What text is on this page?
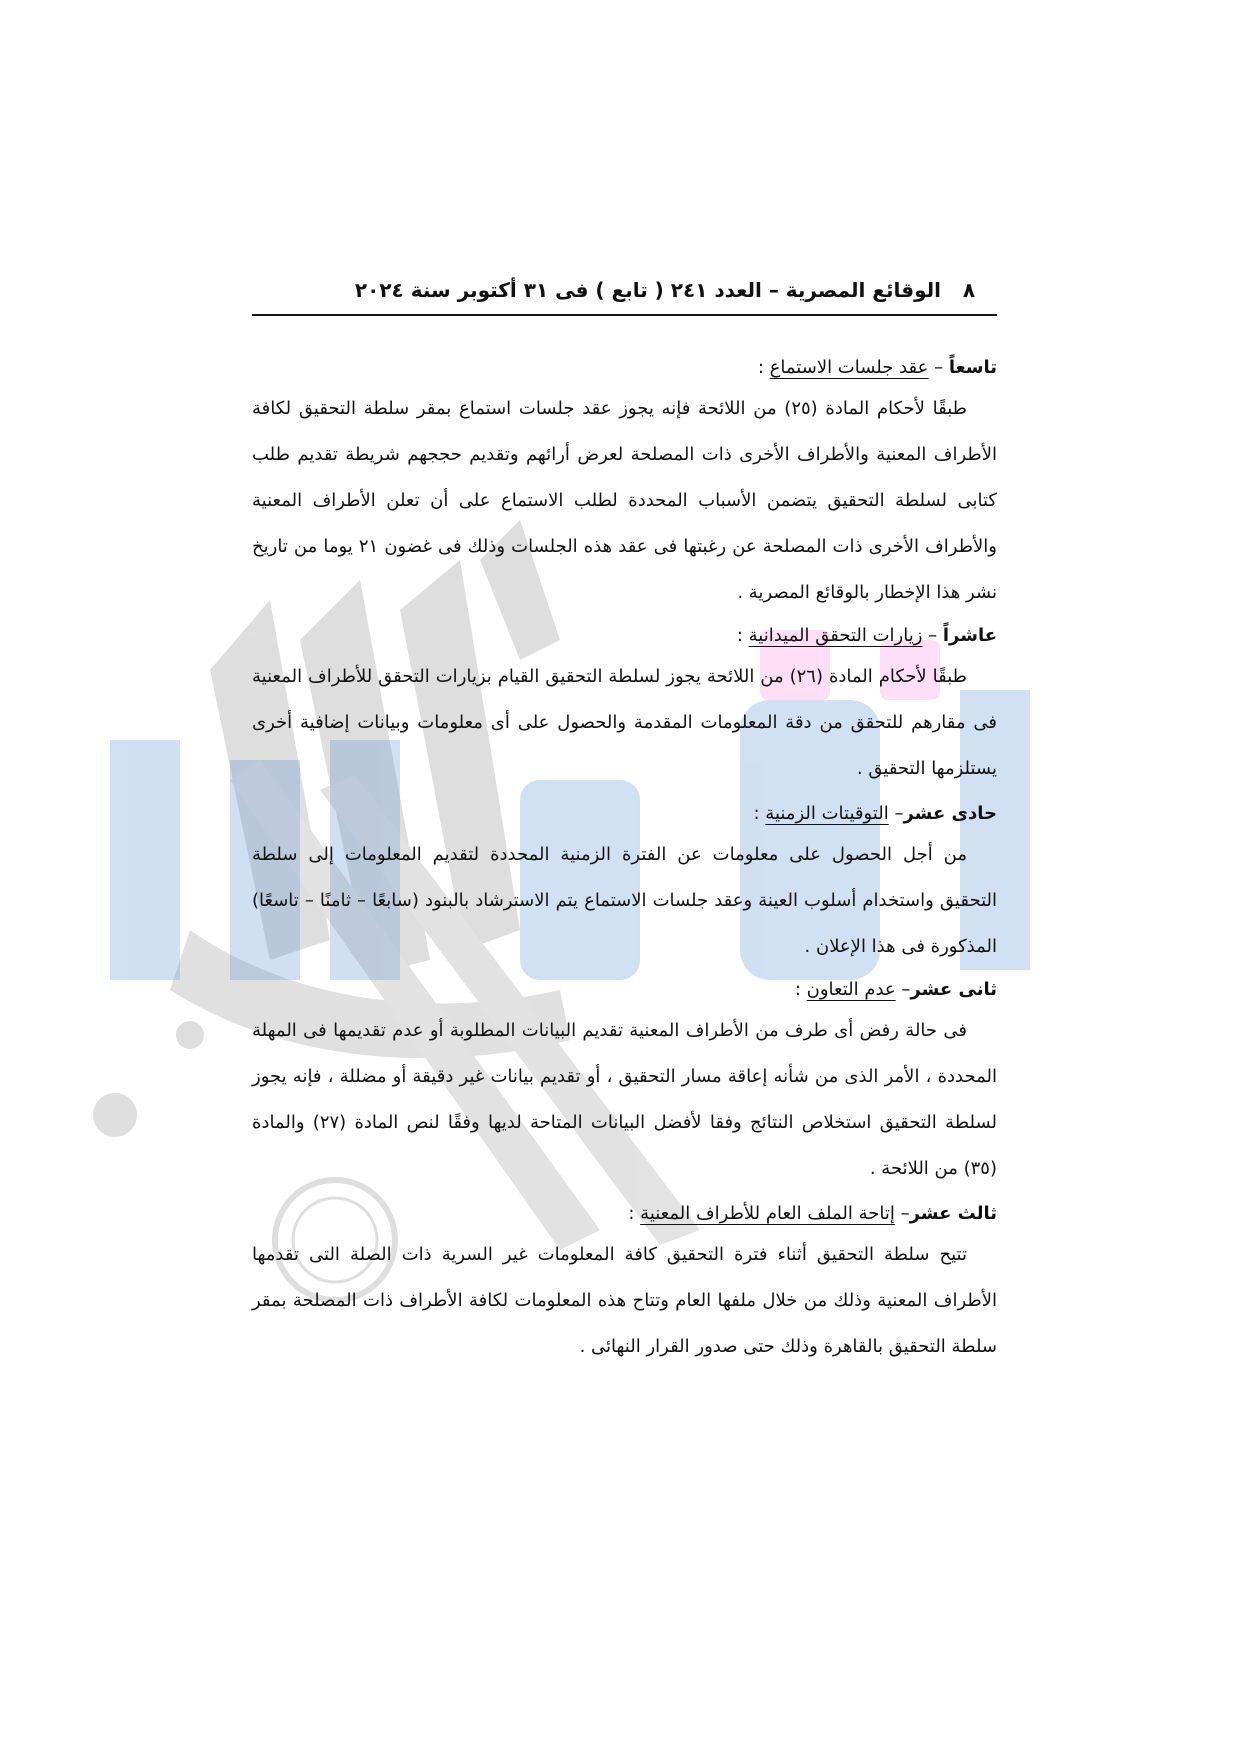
٨
الوقائع المصرية – العدد ٢٤١ ( تابع ) فى ٣١ أكتوبر سنة ٢٠٢٤
تاسعاً – عقد جلسات الاستماع :

طبقًا لأحكام المادة (٢٥) من اللائحة فإنه يجوز عقد جلسات استماع بمقر سلطة التحقيق لكافة الأطراف المعنية والأطراف الأخرى ذات المصلحة لعرض أرائهم وتقديم حججهم شريطة تقديم طلب كتابى لسلطة التحقيق يتضمن الأسباب المحددة لطلب الاستماع على أن تعلن الأطراف المعنية والأطراف الأخرى ذات المصلحة عن رغبتها فى عقد هذه الجلسات وذلك فى غضون ٢١ يوما من تاريخ نشر هذا الإخطار بالوقائع المصرية .

عاشراً – زيارات التحقق الميدانية :

طبقًا لأحكام المادة (٢٦) من اللائحة يجوز لسلطة التحقيق القيام بزيارات التحقق للأطراف المعنية فى مقارهم للتحقق من دقة المعلومات المقدمة والحصول على أى معلومات وبيانات إضافية أخرى يستلزمها التحقيق .

حادى عشر– التوقيتات الزمنية :

من أجل الحصول على معلومات عن الفترة الزمنية المحددة لتقديم المعلومات إلى سلطة التحقيق واستخدام أسلوب العينة وعقد جلسات الاستماع يتم الاسترشاد بالبنود (سابعًا – ثامنًا – تاسعًا) المذكورة فى هذا الإعلان .

ثانى عشر– عدم التعاون :

فى حالة رفض أى طرف من الأطراف المعنية تقديم البيانات المطلوبة أو عدم تقديمها فى المهلة المحددة ، الأمر الذى من شأنه إعاقة مسار التحقيق ، أو تقديم بيانات غير دقيقة أو مضللة ، فإنه يجوز لسلطة التحقيق استخلاص النتائج وفقا لأفضل البيانات المتاحة لديها وفقًا لنص المادة (٢٧) والمادة (٣٥) من اللائحة .

ثالث عشر– إتاحة الملف العام للأطراف المعنية :

تتيح سلطة التحقيق أثناء فترة التحقيق كافة المعلومات غير السرية ذات الصلة التى تقدمها الأطراف المعنية وذلك من خلال ملفها العام وتتاح هذه المعلومات لكافة الأطراف ذات المصلحة بمقر سلطة التحقيق بالقاهرة وذلك حتى صدور القرار النهائى .
